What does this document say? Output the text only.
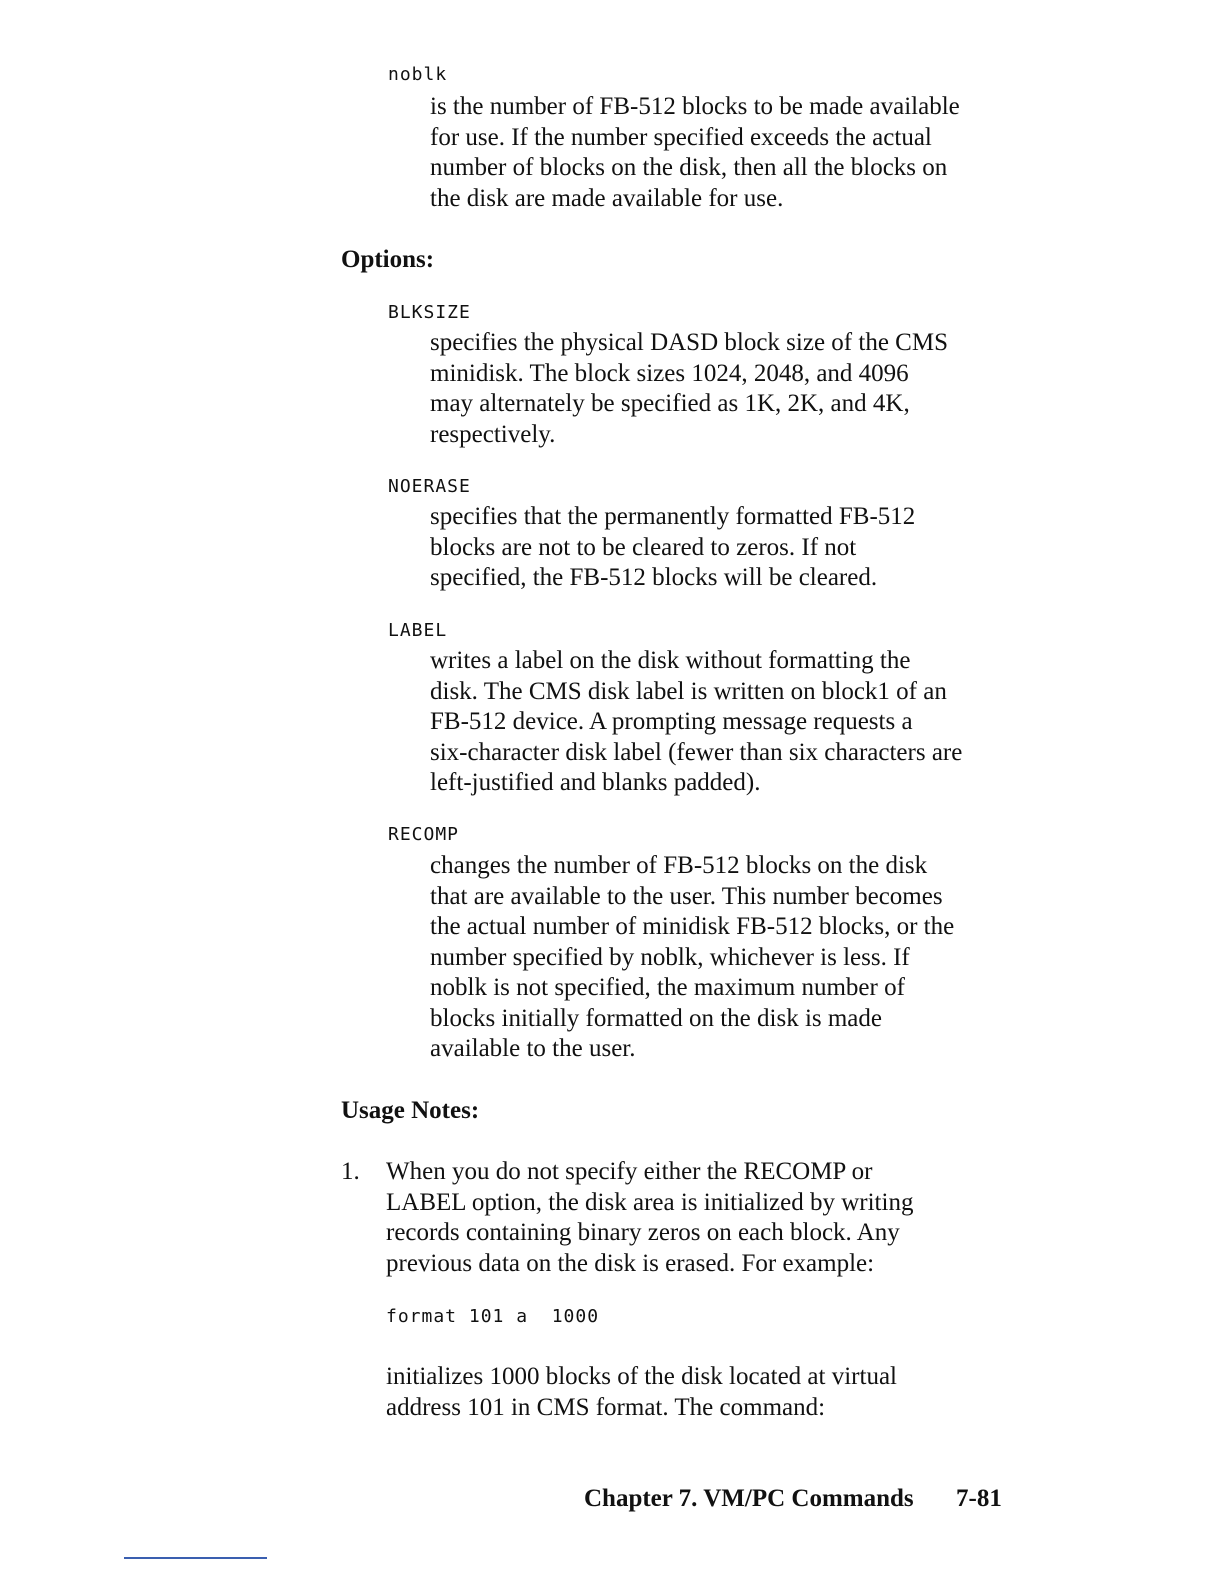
noblk
is the number of FB-512 blocks to be made available
for use. If the number specified exceeds the actual
number of blocks on the disk, then all the blocks on
the disk are made available for use.
Options:
BLKSIZE
specifies the physical DASD block size of the CMS
minidisk. The block sizes 1024, 2048, and 4096
may alternately be specified as 1K, 2K, and 4K,
respectively.
NOERASE
specifies that the permanently formatted FB-512
blocks are not to be cleared to zeros. If not
specified, the FB-512 blocks will be cleared.
LABEL
writes a label on the disk without formatting the
disk. The CMS disk label is written on block1 of an
FB-512 device. A prompting message requests a
six-character disk label (fewer than six characters are
left-justified and blanks padded).
RECOMP
changes the number of FB-512 blocks on the disk
that are available to the user. This number becomes
the actual number of minidisk FB-512 blocks, or the
number specified by noblk, whichever is less. If
noblk is not specified, the maximum number of
blocks initially formatted on the disk is made
available to the user.
Usage Notes:
1. When you do not specify either the RECOMP or
LABEL option, the disk area is initialized by writing
records containing binary zeros on each block. Any
previous data on the disk is erased. For example:
format 101 a  1000
initializes 1000 blocks of the disk located at virtual
address 101 in CMS format. The command:
Chapter 7. VM/PC Commands 7-81
